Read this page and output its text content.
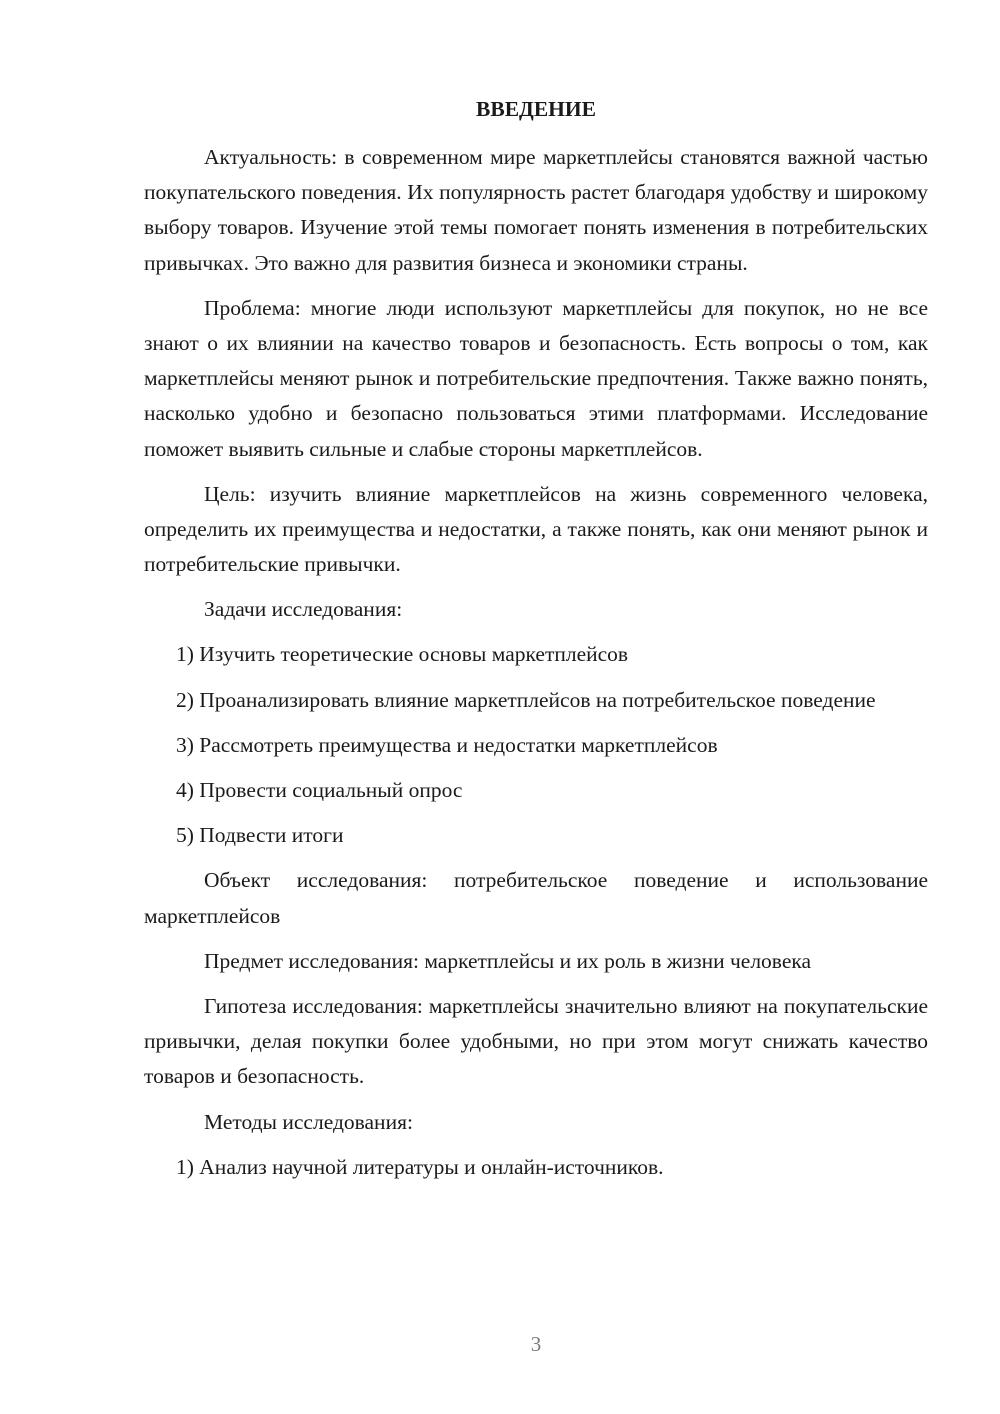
ВВЕДЕНИЕ

Актуальность: в современном мире маркетплейсы становятся важной частью покупательского поведения. Их популярность растет благодаря удобству и широкому выбору товаров. Изучение этой темы помогает понять изменения в потребительских привычках. Это важно для развития бизнеса и экономики страны.

Проблема: многие люди используют маркетплейсы для покупок, но не все знают о их влиянии на качество товаров и безопасность. Есть вопросы о том, как маркетплейсы меняют рынок и потребительские предпочтения. Также важно понять, насколько удобно и безопасно пользоваться этими платформами. Исследование поможет выявить сильные и слабые стороны маркетплейсов.

Цель: изучить влияние маркетплейсов на жизнь современного человека, определить их преимущества и недостатки, а также понять, как они меняют рынок и потребительские привычки.

Задачи исследования:

1) Изучить теоретические основы маркетплейсов

2) Проанализировать влияние маркетплейсов на потребительское поведение

3) Рассмотреть преимущества и недостатки маркетплейсов

4) Провести социальный опрос

5) Подвести итоги

Объект исследования: потребительское поведение и использование маркетплейсов

Предмет исследования: маркетплейсы и их роль в жизни человека

Гипотеза исследования: маркетплейсы значительно влияют на покупательские привычки, делая покупки более удобными, но при этом могут снижать качество товаров и безопасность.

Методы исследования:

1) Анализ научной литературы и онлайн-источников.

3
